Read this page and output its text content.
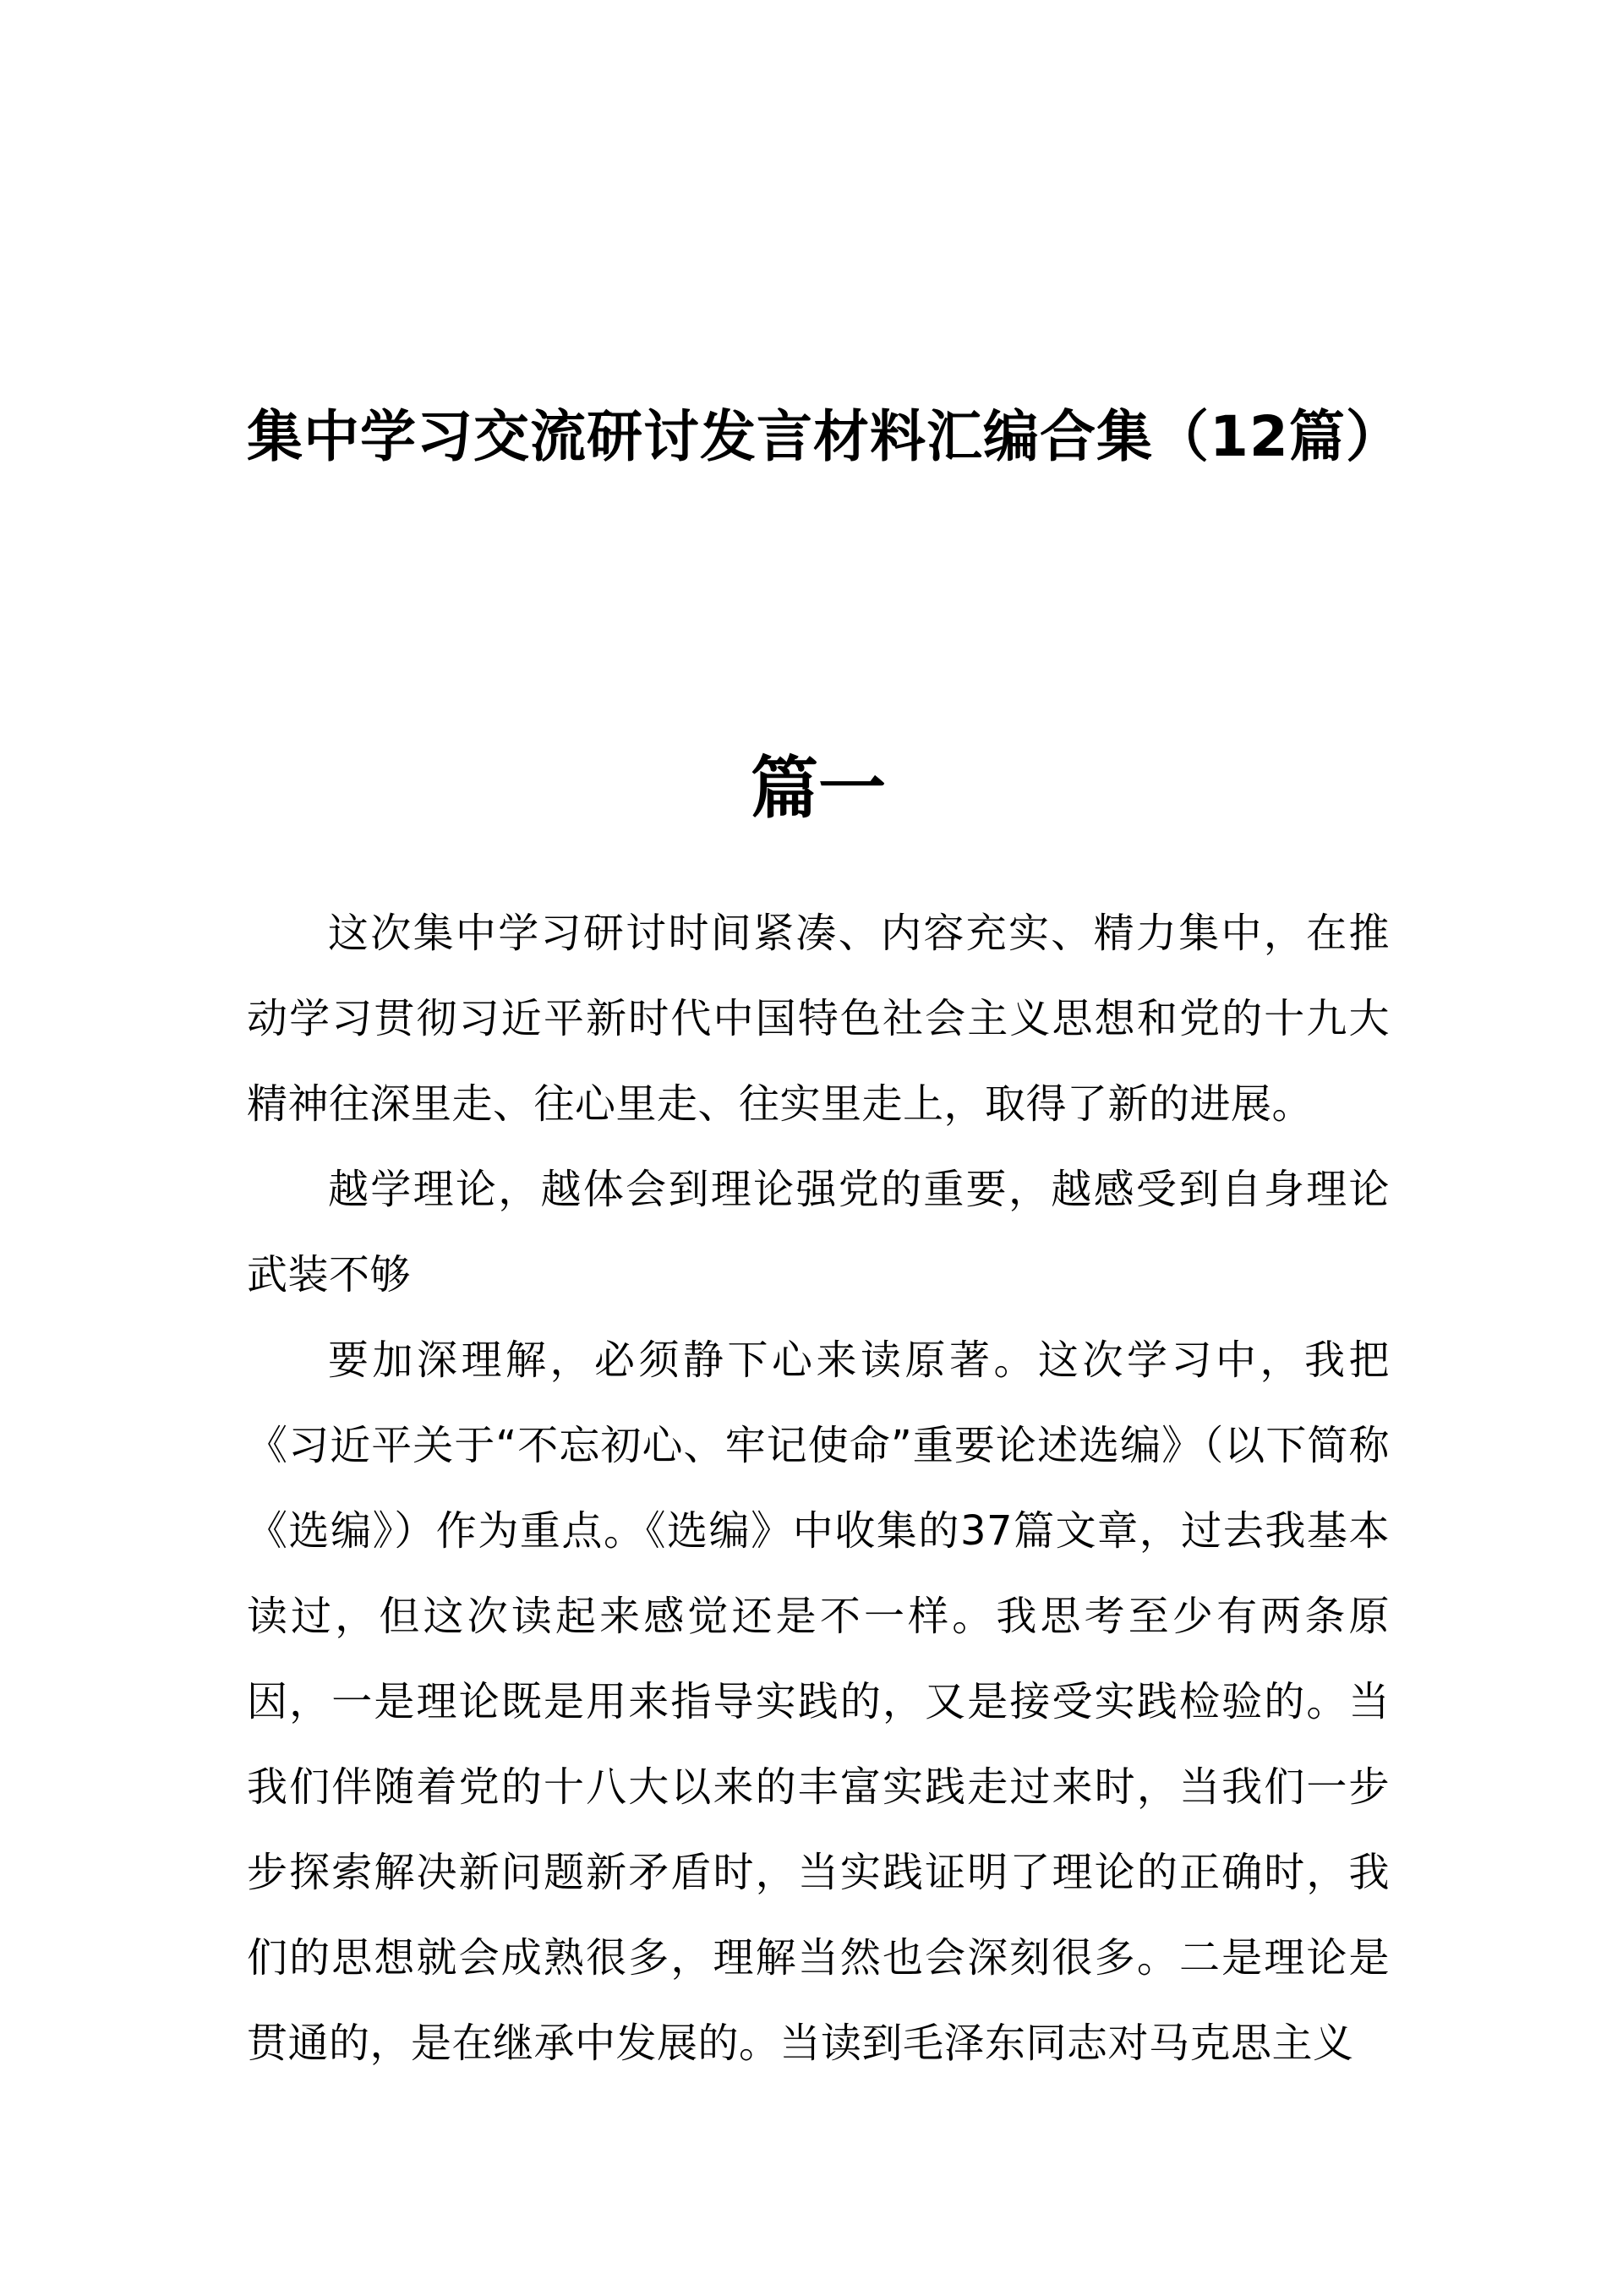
集中学习交流研讨发言材料汇编合集（12篇）
篇一

这次集中学习研讨时间紧凑、内容充实、精力集中，在推动学习贯彻习近平新时代中国特色社会主义思想和党的十九大精神往深里走、往心里走、往实里走上，取得了新的进展。

越学理论，越体会到理论强党的重要，越感受到自身理论武装不够

要加深理解，必须静下心来读原著。这次学习中，我把《习近平关于“不忘初心、牢记使命”重要论述选编》（以下简称《选编》）作为重点。《选编》中收集的37篇文章，过去我基本读过，但这次读起来感觉还是不一样。我思考至少有两条原因，一是理论既是用来指导实践的，又是接受实践检验的。当我们伴随着党的十八大以来的丰富实践走过来时，当我们一步步探索解决新问题新矛盾时，当实践证明了理论的正确时，我们的思想就会成熟很多，理解当然也会深刻很多。二是理论是贯通的，是在继承中发展的。当读到毛泽东同志对马克思主义
